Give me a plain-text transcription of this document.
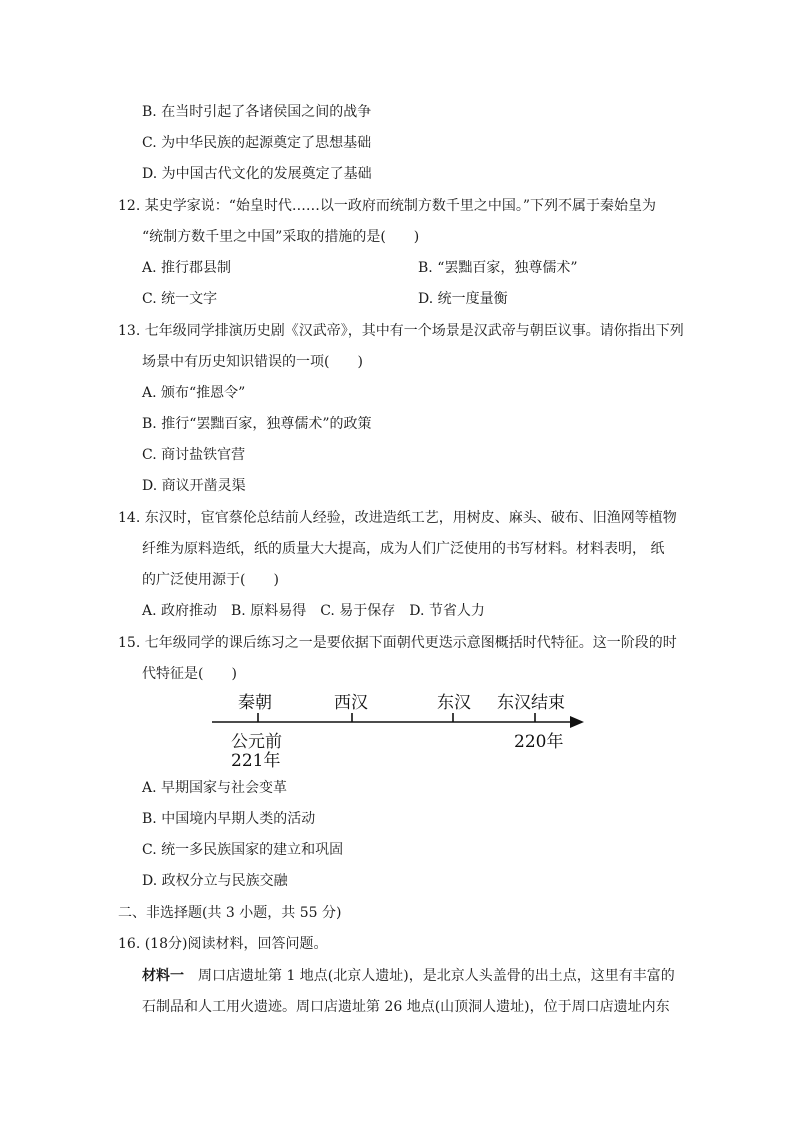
B. 在当时引起了各诸侯国之间的战争
C. 为中华民族的起源奠定了思想基础
D. 为中国古代文化的发展奠定了基础
12. 某史学家说：“始皇时代……以一政府而统制方数千里之中国。”下列不属于秦始皇为
“统制方数千里之中国”采取的措施的是(　　)
A. 推行郡县制	B. “罢黜百家，独尊儒术”
C. 统一文字	D. 统一度量衡
13. 七年级同学排演历史剧《汉武帝》，其中有一个场景是汉武帝与朝臣议事。请你指出下列
场景中有历史知识错误的一项(　　)
A. 颁布“推恩令”
B. 推行“罢黜百家，独尊儒术”的政策
C. 商讨盐铁官营
D. 商议开凿灵渠
14. 东汉时，宦官蔡伦总结前人经验，改进造纸工艺，用树皮、麻头、破布、旧渔网等植物
纤维为原料造纸，纸的质量大大提高，成为人们广泛使用的书写材料。材料表明， 纸
的广泛使用源于(　　)
A. 政府推动　B. 原料易得　C. 易于保存　D. 节省人力
15. 七年级同学的课后练习之一是要依据下面朝代更迭示意图概括时代特征。这一阶段的时
代特征是(　　)
秦朝	西汉	东汉 东汉结束
公元前
221年
220年
A. 早期国家与社会变革
B. 中国境内早期人类的活动
C. 统一多民族国家的建立和巩固
D. 政权分立与民族交融
二、非选择题(共 3 小题，共 55 分)
16. (18分)阅读材料，回答问题。
材料一　周口店遗址第 1 地点(北京人遗址)，是北京人头盖骨的出土点，这里有丰富的
石制品和人工用火遗迹。周口店遗址第 26 地点(山顶洞人遗址)，位于周口店遗址内东
